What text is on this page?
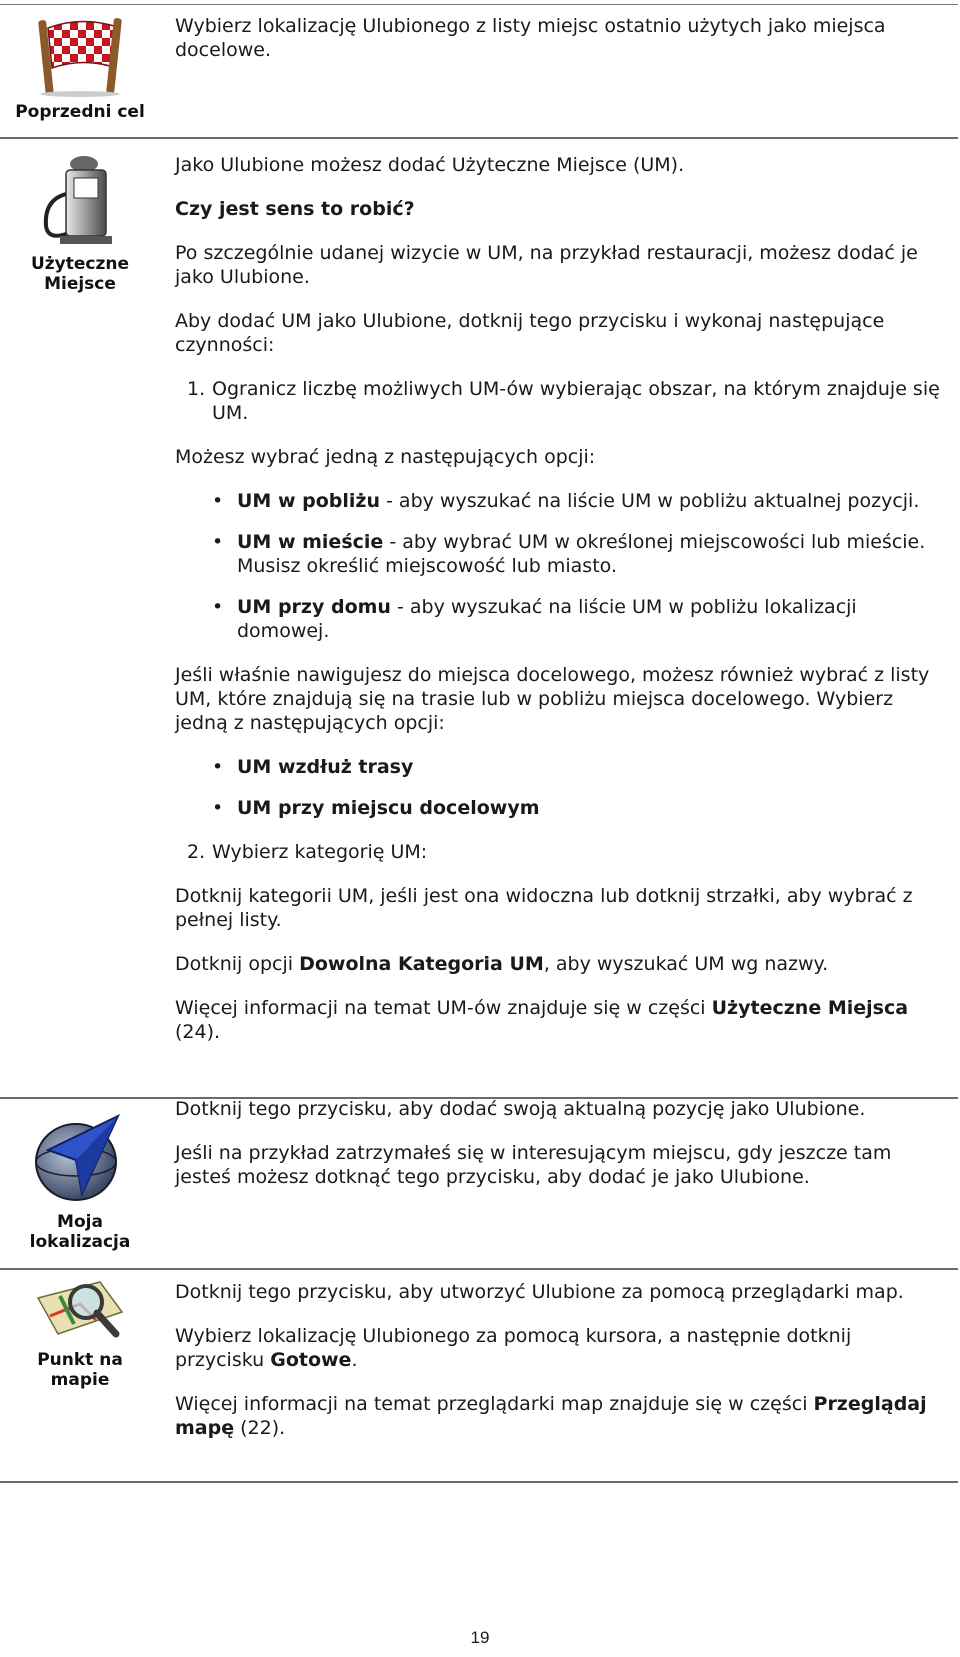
Poprzedni cel

Wybierz lokalizację Ulubionego z listy miejsc ostatnio użytych jako miejsca docelowe.

Użyteczne
Miejsce

Jako Ulubione możesz dodać Użyteczne Miejsce (UM).

Czy jest sens to robić?

Po szczególnie udanej wizycie w UM, na przykład restauracji, możesz dodać je jako Ulubione.

Aby dodać UM jako Ulubione, dotknij tego przycisku i wykonaj następujące czynności:

1. Ogranicz liczbę możliwych UM-ów wybierając obszar, na którym znajduje się UM.

Możesz wybrać jedną z następujących opcji:

• UM w pobliżu - aby wyszukać na liście UM w pobliżu aktualnej pozycji.
• UM w mieście - aby wybrać UM w określonej miejscowości lub mieście. Musisz określić miejscowość lub miasto.
• UM przy domu - aby wyszukać na liście UM w pobliżu lokalizacji domowej.

Jeśli właśnie nawigujesz do miejsca docelowego, możesz również wybrać z listy UM, które znajdują się na trasie lub w pobliżu miejsca docelowego. Wybierz jedną z następujących opcji:

• UM wzdłuż trasy
• UM przy miejscu docelowym

2. Wybierz kategorię UM:

Dotknij kategorii UM, jeśli jest ona widoczna lub dotknij strzałki, aby wybrać z pełnej listy.

Dotknij opcji Dowolna Kategoria UM, aby wyszukać UM wg nazwy.

Więcej informacji na temat UM-ów znajduje się w części Użyteczne Miejsca (24).

Moja
lokalizacja

Dotknij tego przycisku, aby dodać swoją aktualną pozycję jako Ulubione.

Jeśli na przykład zatrzymałeś się w interesującym miejscu, gdy jeszcze tam jesteś możesz dotknąć tego przycisku, aby dodać je jako Ulubione.

Punkt na
mapie

Dotknij tego przycisku, aby utworzyć Ulubione za pomocą przeglądarki map.

Wybierz lokalizację Ulubionego za pomocą kursora, a następnie dotknij przycisku Gotowe.

Więcej informacji na temat przeglądarki map znajduje się w części Przeglądaj mapę (22).

19
